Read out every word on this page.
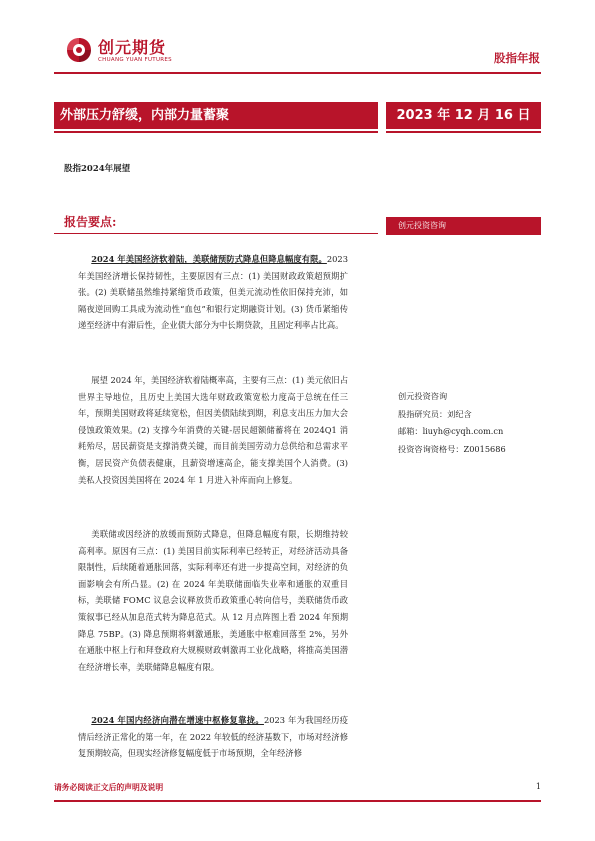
创元期货
CHUANG YUAN FUTURES	股指年报
外部压力舒缓，内部力量蓄聚	2023 年 12 月 16 日
股指2024年展望
报告要点:	创元投资咨询
创元投资咨询
股指研究员：刘纪含
邮箱：liuyh@cyqh.com.cn
投资咨询资格号：Z0015686

2024 年美国经济软着陆，美联储预防式降息但降息幅度有限。2023 年美国经济增长保持韧性，主要原因有三点：(1) 美国财政政策超预期扩张。(2) 美联储虽然维持紧缩货币政策，但美元流动性依旧保持充沛，如隔夜逆回购工具成为流动性“血包”和银行定期融资计划。(3) 货币紧缩传递至经济中有滞后性，企业债大部分为中长期贷款，且固定利率占比高。

展望 2024 年，美国经济软着陆概率高，主要有三点：(1) 美元依旧占世界主导地位，且历史上美国大选年财政政策宽松力度高于总统在任三年，预期美国财政将延续宽松，但因美债陆续到期，利息支出压力加大会侵蚀政策效果。(2) 支撑今年消费的关键-居民超额储蓄将在 2024Q1 消耗殆尽，居民薪资是支撑消费关键，而目前美国劳动力总供给和总需求平衡，居民资产负债表健康，且薪资增速高企，能支撑美国个人消费。(3) 美私人投资因美国将在 2024 年 1 月进入补库而向上修复。

美联储或因经济的放缓而预防式降息，但降息幅度有限，长期维持较高利率。原因有三点：(1) 美国目前实际利率已经转正，对经济活动具备限制性，后续随着通胀回落，实际利率还有进一步提高空间，对经济的负面影响会有所凸显。(2) 在 2024 年美联储面临失业率和通胀的双重目标，美联储 FOMC 议息会议释放货币政策重心转向信号，美联储货币政策叙事已经从加息范式转为降息范式。从 12 月点阵图上看 2024 年预期降息 75BP。(3) 降息预期将刺激通胀，美通胀中枢难回落至 2%，另外在通胀中枢上行和拜登政府大规模财政刺激再工业化战略，将推高美国潜在经济增长率，美联储降息幅度有限。

2024 年国内经济向潜在增速中枢修复靠拢。2023 年为我国经历疫情后经济正常化的第一年，在 2022 年较低的经济基数下，市场对经济修复预期较高，但现实经济修复幅度低于市场预期，全年经济修

请务必阅读正文后的声明及说明	1
